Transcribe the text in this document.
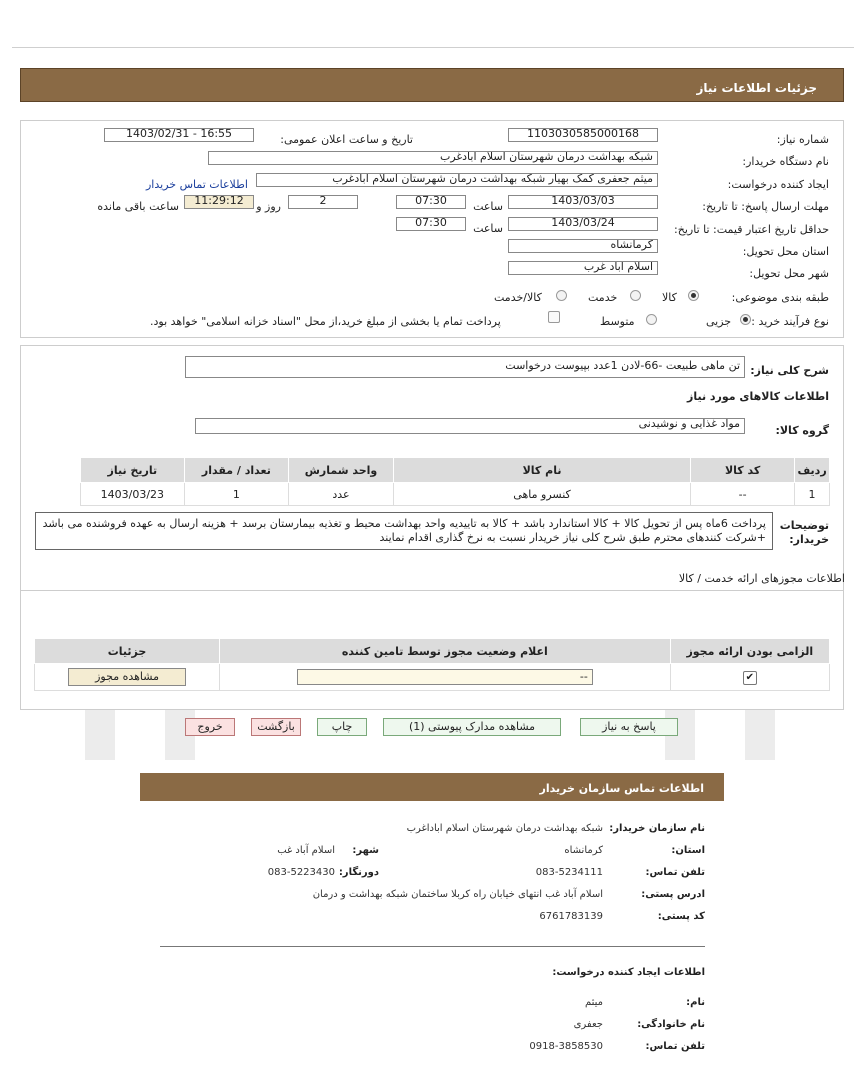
جزئیات اطلاعات نیاز
شماره نیاز:
1103030585000168
تاریخ و ساعت اعلان عمومی:
1403/02/31 - 16:55
نام دستگاه خریدار:
شبکه بهداشت درمان شهرستان اسلام ابادغرب
ایجاد کننده درخواست:
میثم جعفری کمک بهیار شبکه بهداشت درمان شهرستان اسلام ابادغرب
اطلاعات تماس خریدار
مهلت ارسال پاسخ: تا تاریخ:
1403/03/03
ساعت
07:30
2
روز و
11:29:12
ساعت باقی مانده
حداقل تاریخ اعتبار قیمت: تا تاریخ:
1403/03/24
ساعت
07:30
استان محل تحویل:
کرمانشاه
شهر محل تحویل:
اسلام اباد غرب
طبقه بندی موضوعی:
کالا
خدمت
کالا/خدمت
نوع فرآیند خرید :
جزیی
متوسط
پرداخت تمام یا بخشی از مبلغ خرید،از محل "اسناد خزانه اسلامی" خواهد بود.
شرح کلی نیاز:
تن ماهی طبیعت -66-لادن 1عدد بپیوست درخواست
اطلاعات کالاهای مورد نیاز
گروه کالا:
مواد غذایی و نوشیدنی
ردیف	کد کالا	نام کالا	واحد شمارش	تعداد / مقدار	تاریخ نیاز
1	--	کنسرو ماهی	عدد	1	1403/03/23
توضیحات خریدار:
پرداخت 6ماه پس از تحویل کالا + کالا استاندارد باشد + کالا به تاییدیه واحد بهداشت محیط و تغذیه بیمارستان برسد + هزینه ارسال به عهده فروشنده می باشد +شرکت کنندهای محترم طبق شرح کلی نیاز خریدار نسبت به نرخ گذاری اقدام نمایند
اطلاعات مجوزهای ارائه خدمت / کالا
الزامی بودن ارائه مجوز	اعلام وضعیت مجوز توسط تامین کننده	جزئیات
✔	--	مشاهده مجوز
پاسخ به نیاز
مشاهده مدارک پیوستی (1)
چاپ
بازگشت
خروج
اطلاعات تماس سازمان خریدار
نام سازمان خریدار:
شبکه بهداشت درمان شهرستان اسلام اباداغرب
استان:
کرمانشاه
شهر:
اسلام آباد غب
تلفن تماس:
083-5234111
دورنگار:
083-5223430
ادرس پستی:
اسلام آباد غب انتهای خیابان راه کربلا ساختمان شبکه بهداشت و درمان
کد پستی:
6761783139
اطلاعات ایجاد کننده درخواست:
نام:
میثم
نام خانوادگی:
جعفری
تلفن تماس:
0918-3858530
